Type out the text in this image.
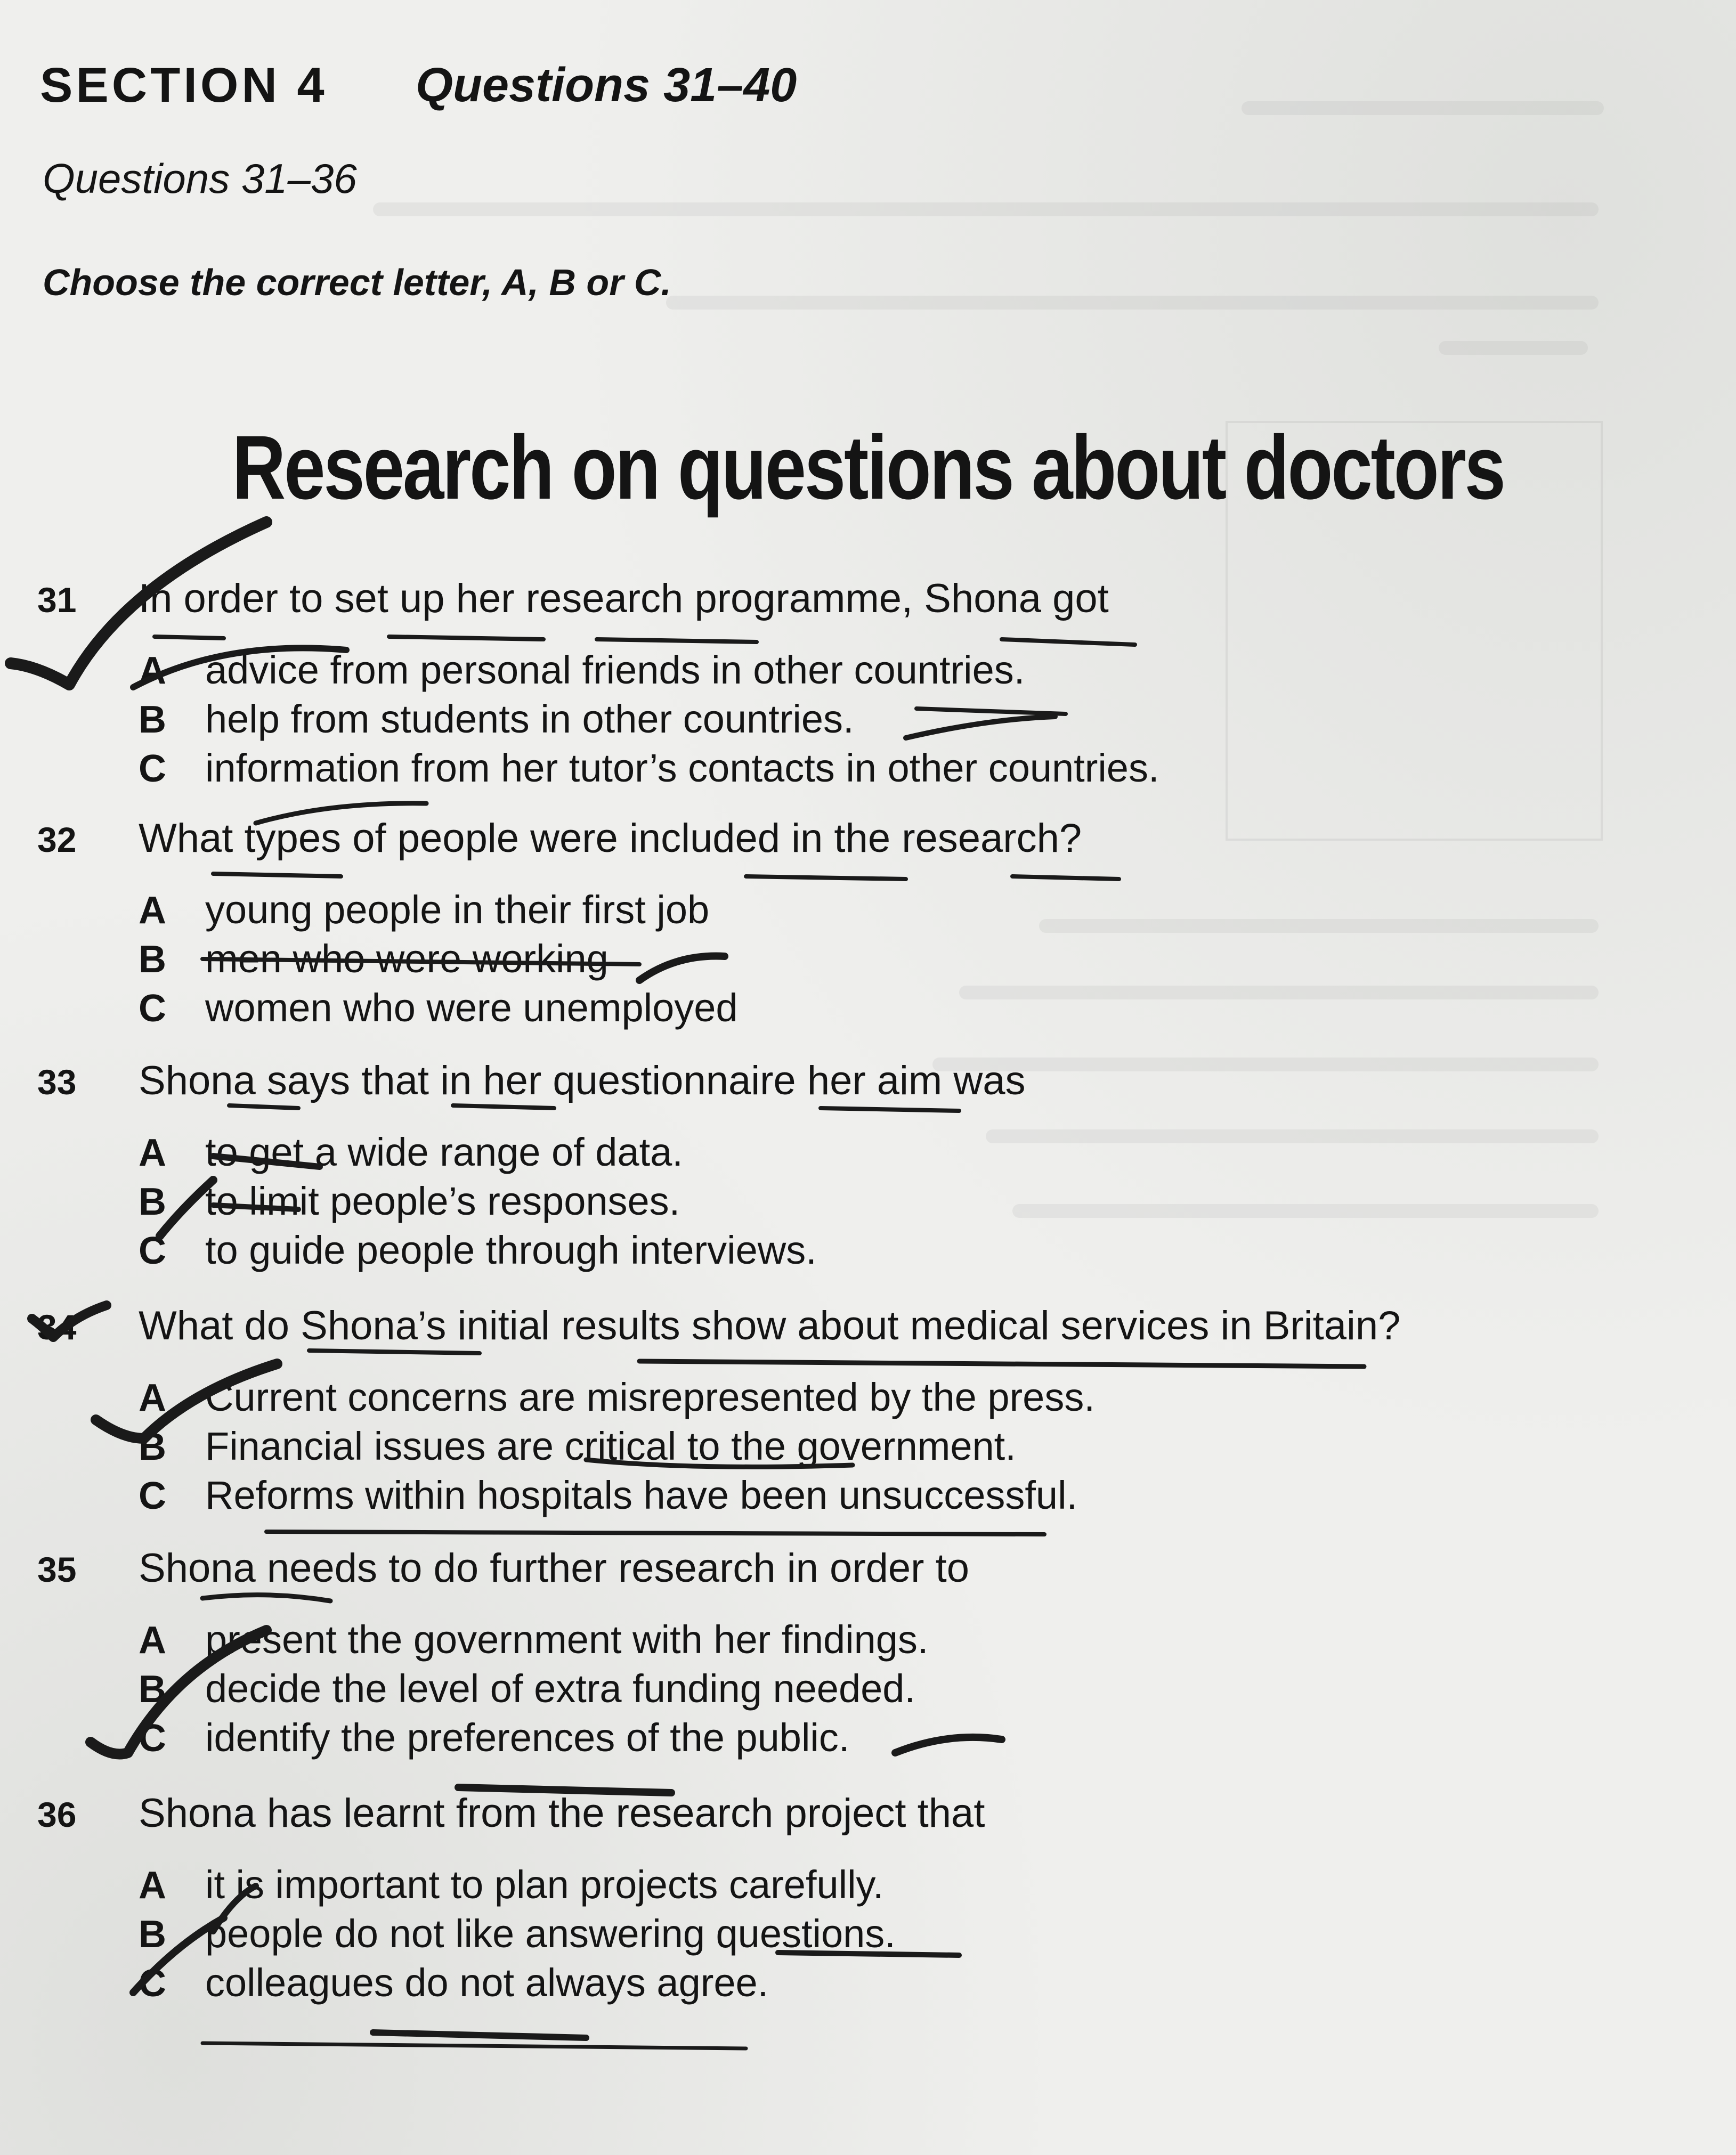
SECTION 4 Questions 31–40
Questions 31–36
Choose the correct letter, A, B or C.
Research on questions about doctors
31	In order to set up her research programme, Shona got
A advice from personal friends in other countries.
B help from students in other countries.
C information from her tutor’s contacts in other countries.
32	What types of people were included in the research?
A young people in their first job
B men who were working
C women who were unemployed
33	Shona says that in her questionnaire her aim was
A to get a wide range of data.
B to limit people’s responses.
C to guide people through interviews.
34	What do Shona’s initial results show about medical services in Britain?
A Current concerns are misrepresented by the press.
B Financial issues are critical to the government.
C Reforms within hospitals have been unsuccessful.
35	Shona needs to do further research in order to
A present the government with her findings.
B decide the level of extra funding needed.
C identify the preferences of the public.
36	Shona has learnt from the research project that
A it is important to plan projects carefully.
B people do not like answering questions.
C colleagues do not always agree.
